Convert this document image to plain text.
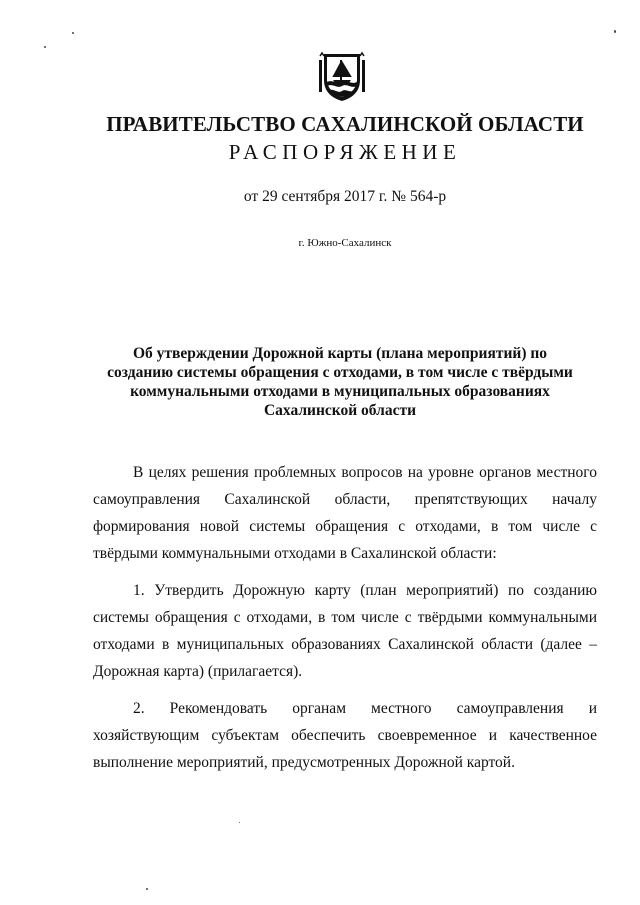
ПРАВИТЕЛЬСТВО САХАЛИНСКОЙ ОБЛАСТИ
РАСПОРЯЖЕНИЕ
от 29 сентября 2017 г. № 564-р
г. Южно-Сахалинск
Об утверждении Дорожной карты (плана мероприятий) по созданию системы обращения с отходами, в том числе с твёрдыми коммунальными отходами в муниципальных образованиях Сахалинской области

В целях решения проблемных вопросов на уровне органов местного самоуправления Сахалинской области, препятствующих началу формирования новой системы обращения с отходами, в том числе с твёрдыми коммунальными отходами в Сахалинской области:

1. Утвердить Дорожную карту (план мероприятий) по созданию системы обращения с отходами, в том числе с твёрдыми коммунальными отходами в муниципальных образованиях Сахалинской области (далее – Дорожная карта) (прилагается).

2. Рекомендовать органам местного самоуправления и хозяйствующим субъектам обеспечить своевременное и качественное выполнение мероприятий, предусмотренных Дорожной картой.
